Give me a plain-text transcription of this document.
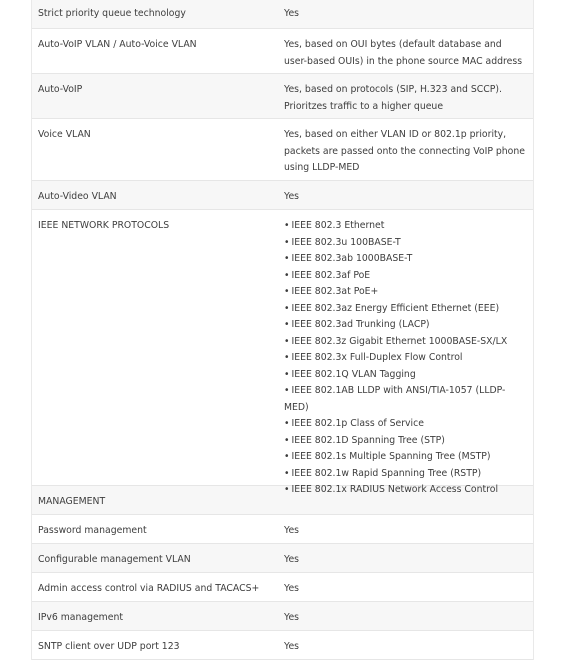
Strict priority queue technology	Yes
Auto-VoIP VLAN / Auto-Voice VLAN	Yes, based on OUI bytes (default database and user-based OUIs) in the phone source MAC address
Auto-VoIP	Yes, based on protocols (SIP, H.323 and SCCP). Prioritzes traffic to a higher queue
Voice VLAN	Yes, based on either VLAN ID or 802.1p priority, packets are passed onto the connecting VoIP phone using LLDP-MED
Auto-Video VLAN	Yes
IEEE NETWORK PROTOCOLS	• IEEE 802.3 Ethernet
• IEEE 802.3u 100BASE-T
• IEEE 802.3ab 1000BASE-T
• IEEE 802.3af PoE
• IEEE 802.3at PoE+
• IEEE 802.3az Energy Efficient Ethernet (EEE)
• IEEE 802.3ad Trunking (LACP)
• IEEE 802.3z Gigabit Ethernet 1000BASE-SX/LX
• IEEE 802.3x Full-Duplex Flow Control
• IEEE 802.1Q VLAN Tagging
• IEEE 802.1AB LLDP with ANSI/TIA-1057 (LLDP-MED)
• IEEE 802.1p Class of Service
• IEEE 802.1D Spanning Tree (STP)
• IEEE 802.1s Multiple Spanning Tree (MSTP)
• IEEE 802.1w Rapid Spanning Tree (RSTP)
• IEEE 802.1x RADIUS Network Access Control
MANAGEMENT
Password management	Yes
Configurable management VLAN	Yes
Admin access control via RADIUS and TACACS+	Yes
IPv6 management	Yes
SNTP client over UDP port 123	Yes
